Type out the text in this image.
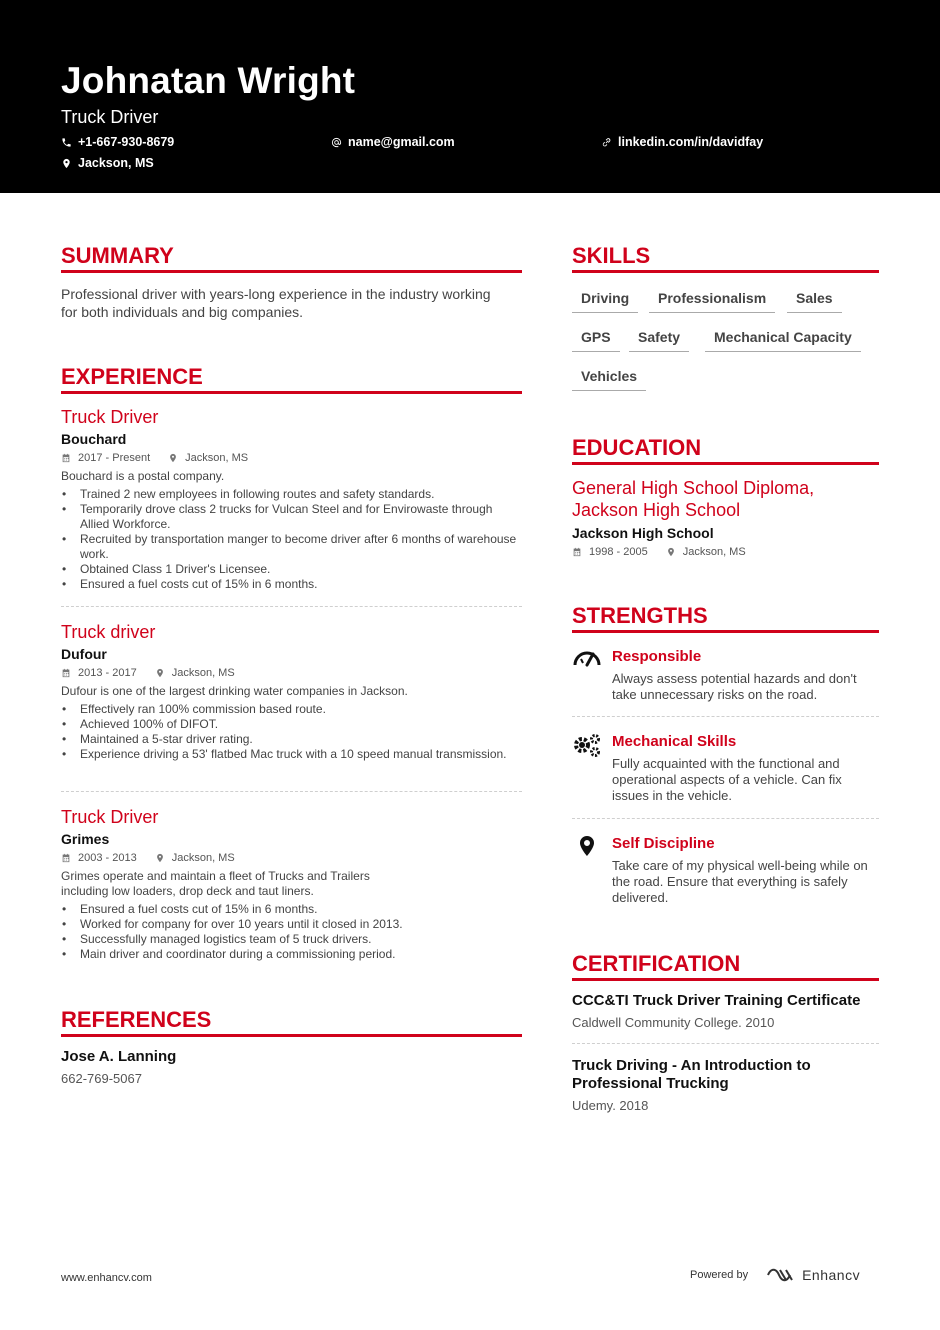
Johnatan Wright
Truck Driver
+1-667-930-8679	name@gmail.com	linkedin.com/in/davidfay
Jackson, MS
SUMMARY
Professional driver with years-long experience in the industry working for both individuals and big companies.
EXPERIENCE
Truck Driver
Bouchard
2017 - Present	Jackson, MS
Bouchard is a postal company.
• Trained 2 new employees in following routes and safety standards.
• Temporarily drove class 2 trucks for Vulcan Steel and for Envirowaste through Allied Workforce.
• Recruited by transportation manger to become driver after 6 months of warehouse work.
• Obtained Class 1 Driver's Licensee.
• Ensured a fuel costs cut of 15% in 6 months.
Truck driver
Dufour
2013 - 2017	Jackson, MS
Dufour is one of the largest drinking water companies in Jackson.
• Effectively ran 100% commission based route.
• Achieved 100% of DIFOT.
• Maintained a 5-star driver rating.
• Experience driving a 53' flatbed Mac truck with a 10 speed manual transmission.
Truck Driver
Grimes
2003 - 2013	Jackson, MS
Grimes operate and maintain a fleet of Trucks and Trailers including low loaders, drop deck and taut liners.
• Ensured a fuel costs cut of 15% in 6 months.
• Worked for company for over 10 years until it closed in 2013.
• Successfully managed logistics team of 5 truck drivers.
• Main driver and coordinator during a commissioning period.
REFERENCES
Jose A. Lanning
662-769-5067
SKILLS
Driving	Professionalism	Sales
GPS	Safety	Mechanical Capacity
Vehicles
EDUCATION
General High School Diploma, Jackson High School
Jackson High School
1998 - 2005	Jackson, MS
STRENGTHS
Responsible
Always assess potential hazards and don't take unnecessary risks on the road.
Mechanical Skills
Fully acquainted with the functional and operational aspects of a vehicle. Can fix issues in the vehicle.
Self Discipline
Take care of my physical well-being while on the road. Ensure that everything is safely delivered.
CERTIFICATION
CCC&TI Truck Driver Training Certificate
Caldwell Community College. 2010
Truck Driving - An Introduction to Professional Trucking
Udemy. 2018
www.enhancv.com	Powered by	Enhancv
